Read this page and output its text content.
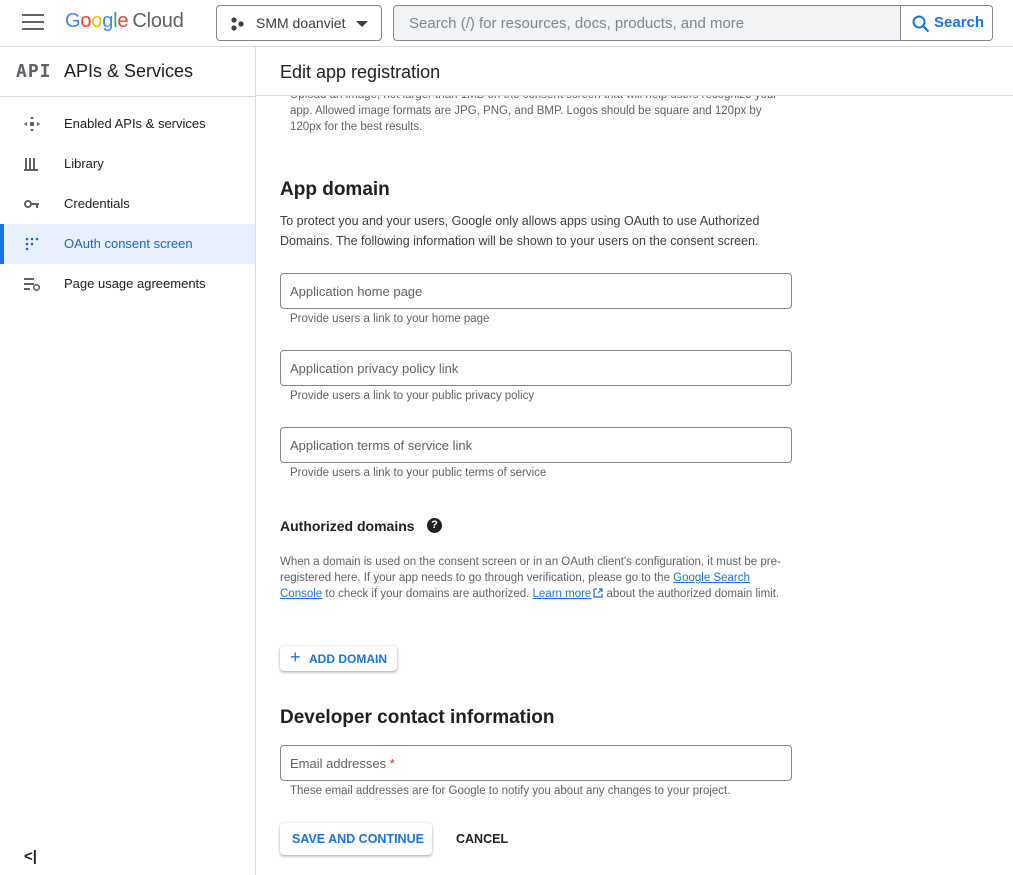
Google Cloud	SMM doanviet
Search (/) for resources, docs, products, and more	Search
API APIs & Services
Enabled APIs & services
Library
Credentials
OAuth consent screen
Page usage agreements
<|
Edit app registration
app. Allowed image formats are JPG, PNG, and BMP. Logos should be square and 120px by 120px for the best results.
App domain
To protect you and your users, Google only allows apps using OAuth to use Authorized Domains. The following information will be shown to your users on the consent screen.
Application home page
Provide users a link to your home page
Application privacy policy link
Provide users a link to your public privacy policy
Application terms of service link
Provide users a link to your public terms of service
Authorized domains	?
When a domain is used on the consent screen or in an OAuth client's configuration, it must be pre-registered here. If your app needs to go through verification, please go to the Google Search Console to check if your domains are authorized. Learn more about the authorized domain limit.
+ ADD DOMAIN
Developer contact information
Email addresses *
These email addresses are for Google to notify you about any changes to your project.
SAVE AND CONTINUE	CANCEL
